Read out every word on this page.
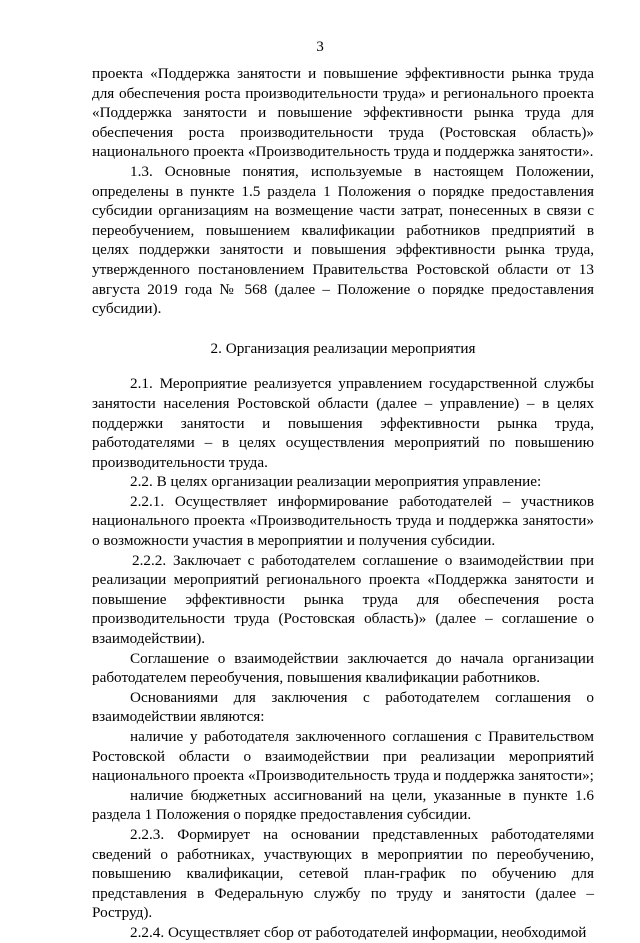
3

проекта «Поддержка занятости и повышение эффективности рынка труда для обеспечения роста производительности труда» и регионального проекта «Поддержка занятости и повышение эффективности рынка труда для обеспечения роста производительности труда (Ростовская область)» национального проекта «Производительность труда и поддержка занятости».

1.3. Основные понятия, используемые в настоящем Положении, определены в пункте 1.5 раздела 1 Положения о порядке предоставления субсидии организациям на возмещение части затрат, понесенных в связи с переобучением, повышением квалификации работников предприятий в целях поддержки занятости и повышения эффективности рынка труда, утвержденного постановлением Правительства Ростовской области от 13 августа 2019 года № 568 (далее – Положение о порядке предоставления субсидии).

2. Организация реализации мероприятия

2.1. Мероприятие реализуется управлением государственной службы занятости населения Ростовской области (далее – управление) – в целях поддержки занятости и повышения эффективности рынка труда, работодателями – в целях осуществления мероприятий по повышению производительности труда.

2.2. В целях организации реализации мероприятия управление:

2.2.1. Осуществляет информирование работодателей – участников национального проекта «Производительность труда и поддержка занятости» о возможности участия в мероприятии и получения субсидии.

2.2.2. Заключает с работодателем соглашение о взаимодействии при реализации мероприятий регионального проекта «Поддержка занятости и повышение эффективности рынка труда для обеспечения роста производительности труда (Ростовская область)» (далее – соглашение о взаимодействии).

Соглашение о взаимодействии заключается до начала организации работодателем переобучения, повышения квалификации работников.

Основаниями для заключения с работодателем соглашения о взаимодействии являются:

наличие у работодателя заключенного соглашения с Правительством Ростовской области о взаимодействии при реализации мероприятий национального проекта «Производительность труда и поддержка занятости»;

наличие бюджетных ассигнований на цели, указанные в пункте 1.6 раздела 1 Положения о порядке предоставления субсидии.

2.2.3. Формирует на основании представленных работодателями сведений о работниках, участвующих в мероприятии по переобучению, повышению квалификации, сетевой план-график по обучению для представления в Федеральную службу по труду и занятости (далее – Роструд).

2.2.4. Осуществляет сбор от работодателей информации, необходимой
